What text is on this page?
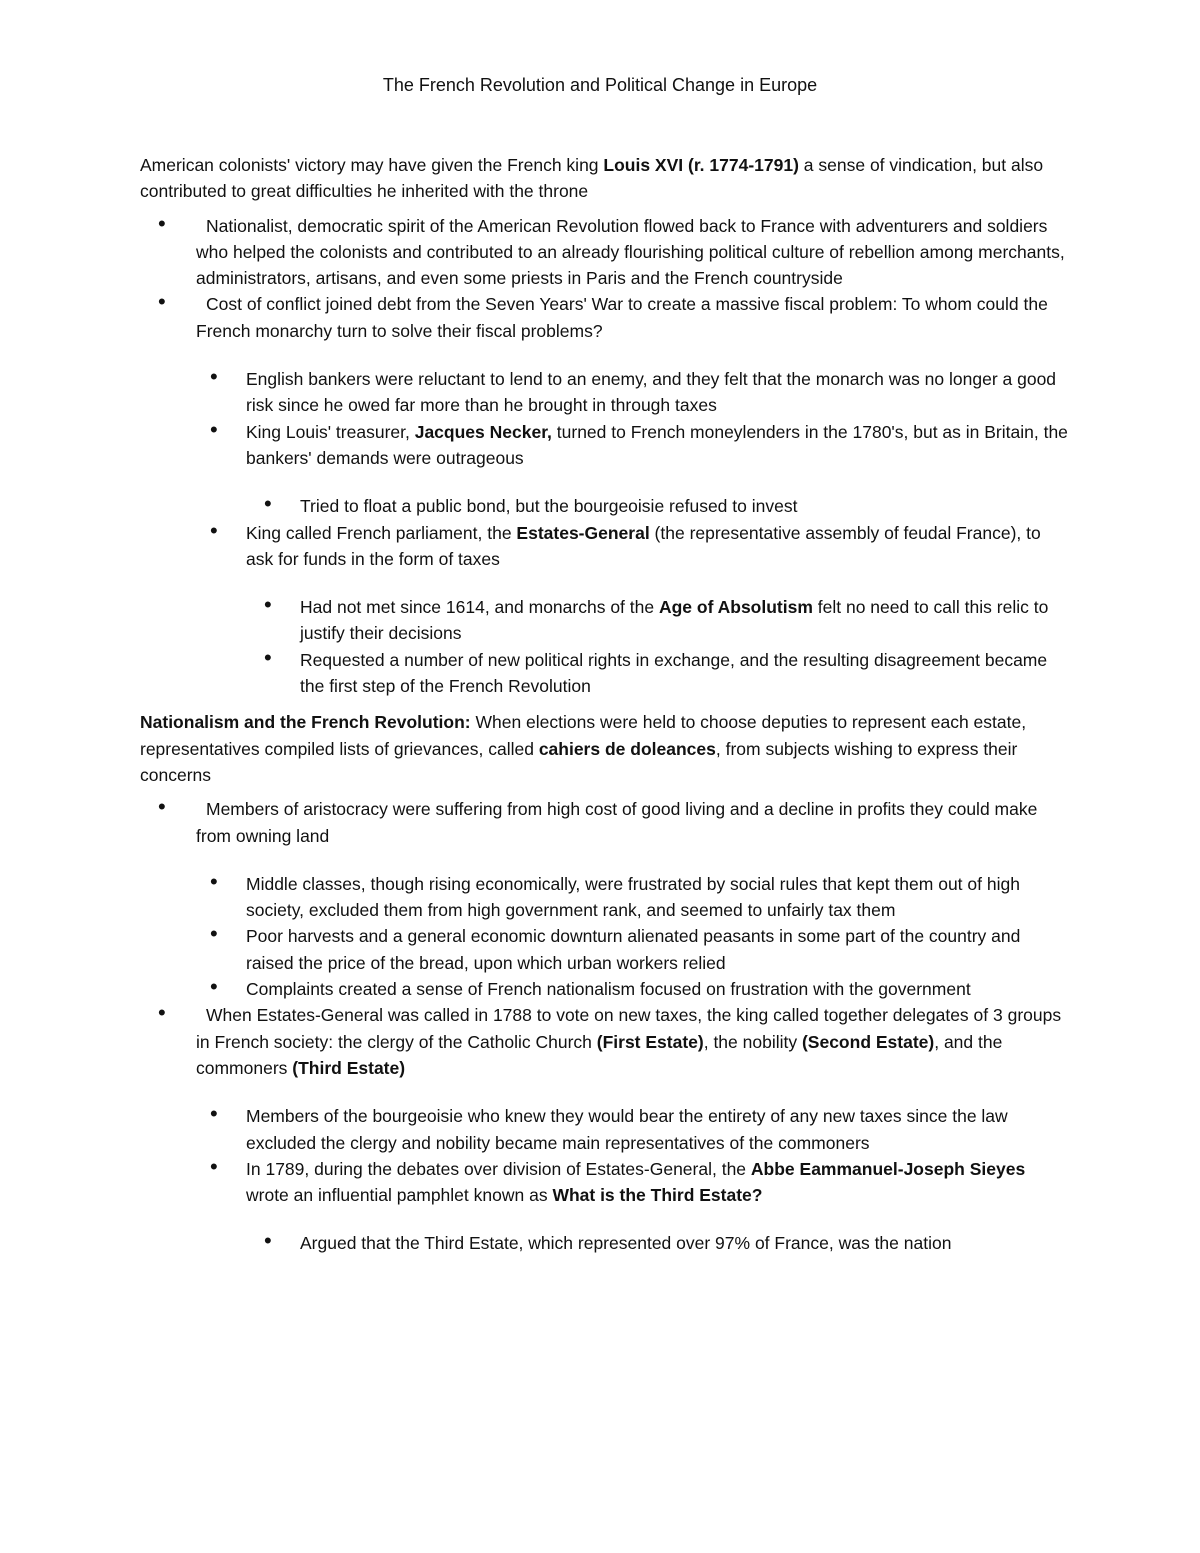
The French Revolution and Political Change in Europe

American colonists' victory may have given the French king Louis XVI (r. 1774-1791) a sense of vindication, but also contributed to great difficulties he inherited with the throne

• Nationalist, democratic spirit of the American Revolution flowed back to France with adventurers and soldiers who helped the colonists and contributed to an already flourishing political culture of rebellion among merchants, administrators, artisans, and even some priests in Paris and the French countryside
• Cost of conflict joined debt from the Seven Years' War to create a massive fiscal problem: To whom could the French monarchy turn to solve their fiscal problems?
• English bankers were reluctant to lend to an enemy, and they felt that the monarch was no longer a good risk since he owed far more than he brought in through taxes
• King Louis' treasurer, Jacques Necker, turned to French moneylenders in the 1780's, but as in Britain, the bankers' demands were outrageous
• Tried to float a public bond, but the bourgeoisie refused to invest
• King called French parliament, the Estates-General (the representative assembly of feudal France), to ask for funds in the form of taxes
• Had not met since 1614, and monarchs of the Age of Absolutism felt no need to call this relic to justify their decisions
• Requested a number of new political rights in exchange, and the resulting disagreement became the first step of the French Revolution

Nationalism and the French Revolution: When elections were held to choose deputies to represent each estate, representatives compiled lists of grievances, called cahiers de doleances, from subjects wishing to express their concerns

• Members of aristocracy were suffering from high cost of good living and a decline in profits they could make from owning land
• Middle classes, though rising economically, were frustrated by social rules that kept them out of high society, excluded them from high government rank, and seemed to unfairly tax them
• Poor harvests and a general economic downturn alienated peasants in some part of the country and raised the price of the bread, upon which urban workers relied
• Complaints created a sense of French nationalism focused on frustration with the government
• When Estates-General was called in 1788 to vote on new taxes, the king called together delegates of 3 groups in French society: the clergy of the Catholic Church (First Estate), the nobility (Second Estate), and the commoners (Third Estate)
• Members of the bourgeoisie who knew they would bear the entirety of any new taxes since the law excluded the clergy and nobility became main representatives of the commoners
• In 1789, during the debates over division of Estates-General, the Abbe Eammanuel-Joseph Sieyes wrote an influential pamphlet known as What is the Third Estate?
• Argued that the Third Estate, which represented over 97% of France, was the nation
